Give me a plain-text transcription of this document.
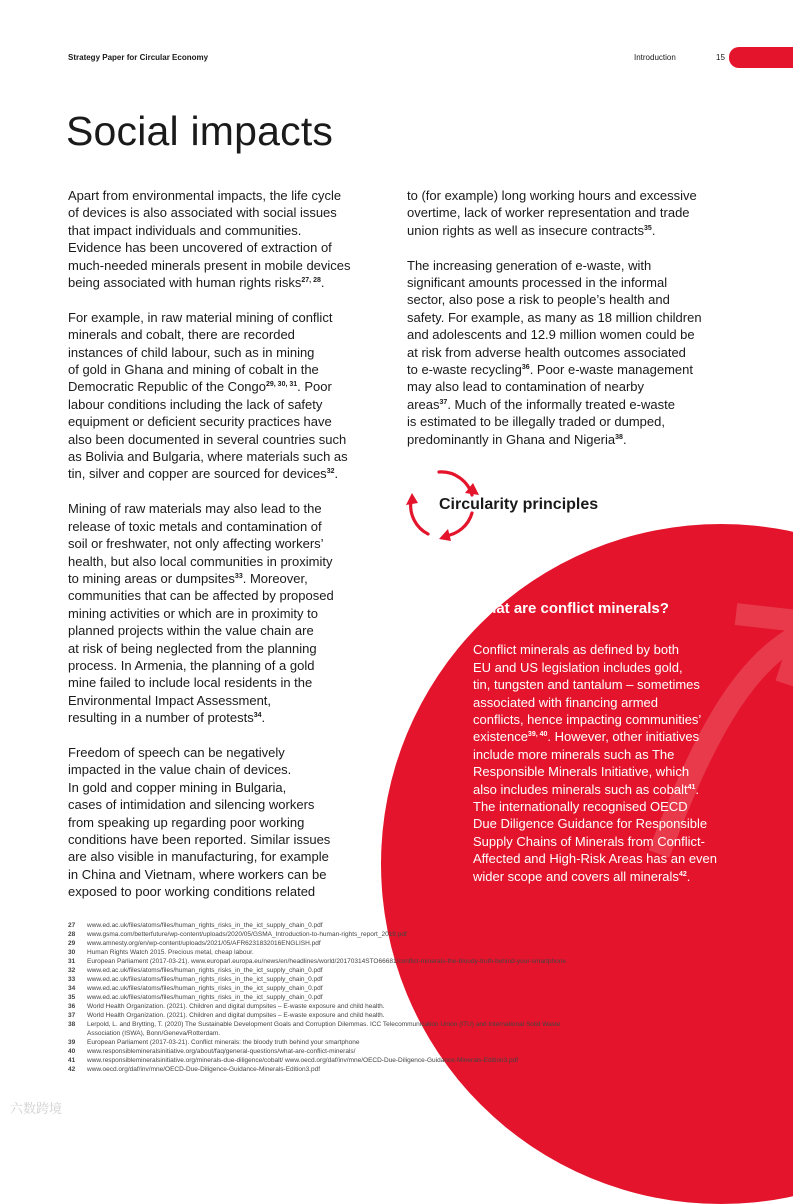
Strategy Paper for Circular Economy	Introduction	15
Social impacts

Apart from environmental impacts, the life cycle
of devices is also associated with social issues
that impact individuals and communities.
Evidence has been uncovered of extraction of
much-needed minerals present in mobile devices
being associated with human rights risks$^{27, 28}$.

For example, in raw material mining of conflict
minerals and cobalt, there are recorded
instances of child labour, such as in mining
of gold in Ghana and mining of cobalt in the
Democratic Republic of the Congo$^{29, 30, 31}$. Poor
labour conditions including the lack of safety
equipment or deficient security practices have
also been documented in several countries such
as Bolivia and Bulgaria, where materials such as
tin, silver and copper are sourced for devices$^{32}$.

Mining of raw materials may also lead to the
release of toxic metals and contamination of
soil or freshwater, not only affecting workers’
health, but also local communities in proximity
to mining areas or dumpsites$^{33}$. Moreover,
communities that can be affected by proposed
mining activities or which are in proximity to
planned projects within the value chain are
at risk of being neglected from the planning
process. In Armenia, the planning of a gold
mine failed to include local residents in the
Environmental Impact Assessment,
resulting in a number of protests$^{34}$.

Freedom of speech can be negatively
impacted in the value chain of devices.
In gold and copper mining in Bulgaria,
cases of intimidation and silencing workers
from speaking up regarding poor working
conditions have been reported. Similar issues
are also visible in manufacturing, for example
in China and Vietnam, where workers can be
exposed to poor working conditions related

to (for example) long working hours and excessive
overtime, lack of worker representation and trade
union rights as well as insecure contracts$^{35}$.

The increasing generation of e-waste, with
significant amounts processed in the informal
sector, also pose a risk to people’s health and
safety. For example, as many as 18 million children
and adolescents and 12.9 million women could be
at risk from adverse health outcomes associated
to e-waste recycling$^{36}$. Poor e-waste management
may also lead to contamination of nearby
areas$^{37}$. Much of the informally treated e-waste
is estimated to be illegally traded or dumped,
predominantly in Ghana and Nigeria$^{38}$.

Circularity principles
What are conflict minerals?

Conflict minerals as defined by both
EU and US legislation includes gold,
tin, tungsten and tantalum – sometimes
associated with financing armed
conflicts, hence impacting communities’
existence$^{39, 40}$. However, other initiatives
include more minerals such as The
Responsible Minerals Initiative, which
also includes minerals such as cobalt$^{41}$.
The internationally recognised OECD
Due Diligence Guidance for Responsible
Supply Chains of Minerals from Conflict-
Affected and High-Risk Areas has an even
wider scope and covers all minerals$^{42}$.

27	www.ed.ac.uk/files/atoms/files/human_rights_risks_in_the_ict_supply_chain_0.pdf
28	www.gsma.com/betterfuture/wp-content/uploads/2020/05/GSMA_Introduction-to-human-rights_report_2019.pdf
29	www.amnesty.org/en/wp-content/uploads/2021/05/AFR6231832016ENGLISH.pdf
30	Human Rights Watch 2015. Precious metal, cheap labour.
31	European Parliament (2017-03-21). www.europarl.europa.eu/news/en/headlines/world/20170314STO66681/conflict-minerals-the-bloody-truth-behind-your-smartphone
32	www.ed.ac.uk/files/atoms/files/human_rights_risks_in_the_ict_supply_chain_0.pdf
33	www.ed.ac.uk/files/atoms/files/human_rights_risks_in_the_ict_supply_chain_0.pdf
34	www.ed.ac.uk/files/atoms/files/human_rights_risks_in_the_ict_supply_chain_0.pdf
35	www.ed.ac.uk/files/atoms/files/human_rights_risks_in_the_ict_supply_chain_0.pdf
36	World Health Organization. (2021). Children and digital dumpsites – E-waste exposure and child health.
37	World Health Organization. (2021). Children and digital dumpsites – E-waste exposure and child health.
38	Lerpold, L. and Brytting, T. (2020) The Sustainable Development Goals and Corruption Dilemmas. ICC Telecommunication Union (ITU) and International Solid Waste
Association (ISWA), Bonn/Geneva/Rotterdam.
39	European Parliament (2017-03-21). Conflict minerals: the bloody truth behind your smartphone
40	www.responsiblemineralsinitiative.org/about/faq/general-questions/what-are-conflict-minerals/
41	www.responsiblemineralsinitiative.org/minerals-due-diligence/cobalt/ www.oecd.org/daf/inv/mne/OECD-Due-Diligence-Guidance-Minerals-Edition3.pdf
42	www.oecd.org/daf/inv/mne/OECD-Due-Diligence-Guidance-Minerals-Edition3.pdf
六数跨境
